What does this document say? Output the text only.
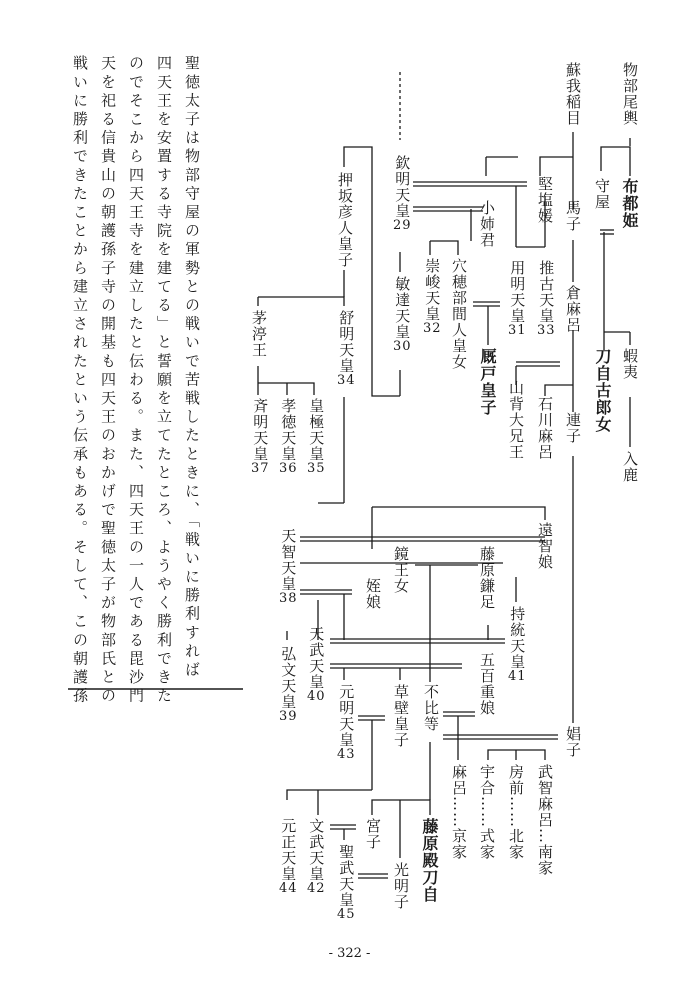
聖徳太子は物部守屋の軍勢との戦いで苦戦したときに、「戦いに勝利すれば
四天王を安置する寺院を建てる」と誓願を立てたところ、ようやく勝利できた
のでそこから四天王寺を建立したと伝わる。また、四天王の一人である毘沙門
天を祀る信貴山の朝護孫子寺の開基も四天王のおかげで聖徳太子が物部氏との
戦いに勝利できたことから建立されたという伝承もある。そして、この朝護孫	物部尾輿
布都姫
守屋
蝦夷
入鹿
刀自古郎女
蘇我稲目
馬子
倉麻呂
連子
石川麻呂
堅塩媛
推古天皇33
用明天皇31
山背大兄王
小姉君
厩戸皇子
穴穂部間人皇女
崇峻天皇32
欽明天皇29
敏達天皇30
押坂彦人皇子
舒明天皇34
茅渟王
皇極天皇35
孝徳天皇36
斉明天皇37
遠智娘
持統天皇41
藤原鎌足
五百重娘
鏡王女
姪娘
天智天皇38
弘文天皇39
天武天皇40 元明天皇43
草壁皇子 不比等
娼子
武智麻呂…南家
房前……北家
宇合……式家
麻呂……京家
藤原殿刀自
光明子
宮子
聖武天皇45
文武天皇42
元正天皇44
- 322 -
